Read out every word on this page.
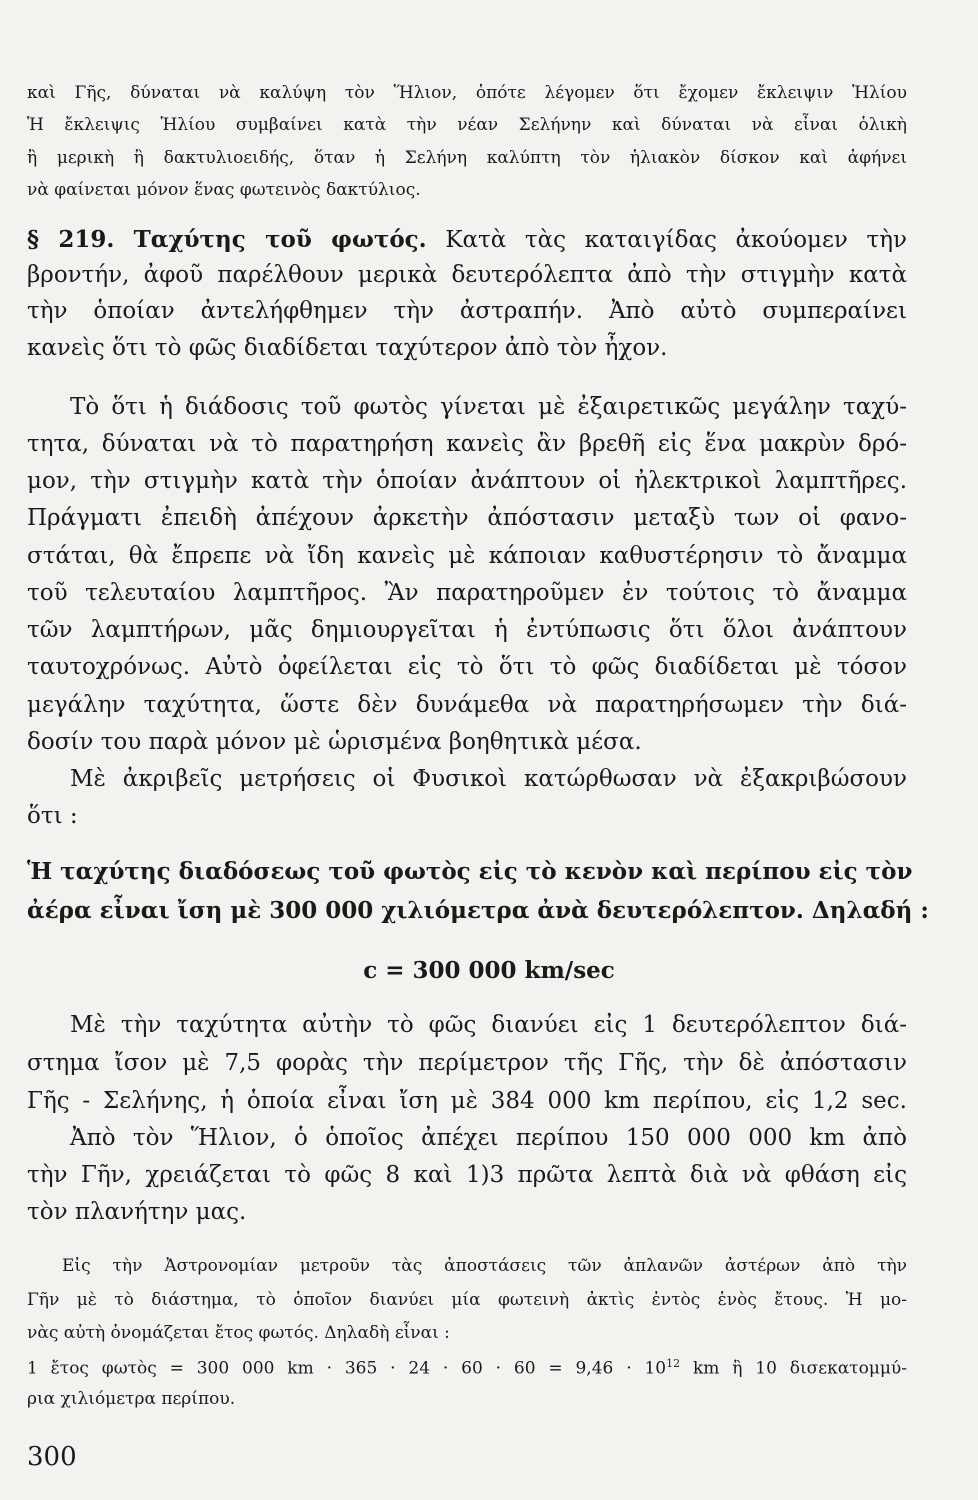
καὶ Γῆς, δύναται νὰ καλύψη τὸν Ἥλιον, ὁπότε λέγομεν ὅτι ἔχομεν ἔκλειψιν Ἡλίου
Ἡ ἔκλειψις Ἡλίου συμβαίνει κατὰ τὴν νέαν Σελήνην καὶ δύναται νὰ εἶναι ὁλικὴ
ἢ μερικὴ ἢ δακτυλιοειδής, ὅταν ἡ Σελήνη καλύπτη τὸν ἡλιακὸν δίσκον καὶ ἀφήνει
νὰ φαίνεται μόνον ἕνας φωτεινὸς δακτύλιος.
§ 219. Ταχύτης τοῦ φωτός. Κατὰ τὰς καταιγίδας ἀκούομεν τὴν
βροντήν, ἀφοῦ παρέλθουν μερικὰ δευτερόλεπτα ἀπὸ τὴν στιγμὴν κατὰ
τὴν ὁποίαν ἀντελήφθημεν τὴν ἀστραπήν. Ἀπὸ αὐτὸ συμπεραίνει
κανεὶς ὅτι τὸ φῶς διαδίδεται ταχύτερον ἀπὸ τὸν ἦχον.
Τὸ ὅτι ἡ διάδοσις τοῦ φωτὸς γίνεται μὲ ἐξαιρετικῶς μεγάλην ταχύ-
τητα, δύναται νὰ τὸ παρατηρήση κανεὶς ἂν βρεθῆ εἰς ἕνα μακρὺν δρό-
μον, τὴν στιγμὴν κατὰ τὴν ὁποίαν ἀνάπτουν οἱ ἠλεκτρικοὶ λαμπτῆρες.
Πράγματι ἐπειδὴ ἀπέχουν ἀρκετὴν ἀπόστασιν μεταξὺ των οἱ φανο-
στάται, θὰ ἔπρεπε νὰ ἴδη κανεὶς μὲ κάποιαν καθυστέρησιν τὸ ἄναμμα
τοῦ τελευταίου λαμπτῆρος. Ἂν παρατηροῦμεν ἐν τούτοις τὸ ἄναμμα
τῶν λαμπτήρων, μᾶς δημιουργεῖται ἡ ἐντύπωσις ὅτι ὅλοι ἀνάπτουν
ταυτοχρόνως. Αὐτὸ ὀφείλεται εἰς τὸ ὅτι τὸ φῶς διαδίδεται μὲ τόσον
μεγάλην ταχύτητα, ὥστε δὲν δυνάμεθα νὰ παρατηρήσωμεν τὴν διά-
δοσίν του παρὰ μόνον μὲ ὡρισμένα βοηθητικὰ μέσα.
Μὲ ἀκριβεῖς μετρήσεις οἱ Φυσικοὶ κατώρθωσαν νὰ ἐξακριβώσουν
ὅτι :
Ἡ ταχύτης διαδόσεως τοῦ φωτὸς εἰς τὸ κενὸν καὶ περίπου εἰς τὸν
ἀέρα εἶναι ἴση μὲ 300 000 χιλιόμετρα ἀνὰ δευτερόλεπτον. Δηλαδή :
c = 300 000 km/sec
Μὲ τὴν ταχύτητα αὐτὴν τὸ φῶς διανύει εἰς 1 δευτερόλεπτον διά-
στημα ἴσον μὲ 7,5 φορὰς τὴν περίμετρον τῆς Γῆς, τὴν δὲ ἀπόστασιν
Γῆς - Σελήνης, ἡ ὁποία εἶναι ἴση μὲ 384 000 km περίπου, εἰς 1,2 sec.
Ἀπὸ τὸν Ἥλιον, ὁ ὁποῖος ἀπέχει περίπου 150 000 000 km ἀπὸ
τὴν Γῆν, χρειάζεται τὸ φῶς 8 καὶ 1)3 πρῶτα λεπτὰ διὰ νὰ φθάση εἰς
τὸν πλανήτην μας.
Εἰς τὴν Ἀστρονομίαν μετροῦν τὰς ἀποστάσεις τῶν ἀπλανῶν ἀστέρων ἀπὸ τὴν
Γῆν μὲ τὸ διάστημα, τὸ ὁποῖον διανύει μία φωτεινὴ ἀκτὶς ἐντὸς ἑνὸς ἔτους. Ἡ μο-
νὰς αὐτὴ ὀνομάζεται ἔτος φωτός. Δηλαδὴ εἶναι :
1 ἔτος φωτὸς = 300 000 km · $365 \cdot 24 \cdot 60 \cdot 60 = 9,46 \cdot 10^{12}$ km ἢ 10 δισεκατομμύ-
ρια χιλιόμετρα περίπου.
300
